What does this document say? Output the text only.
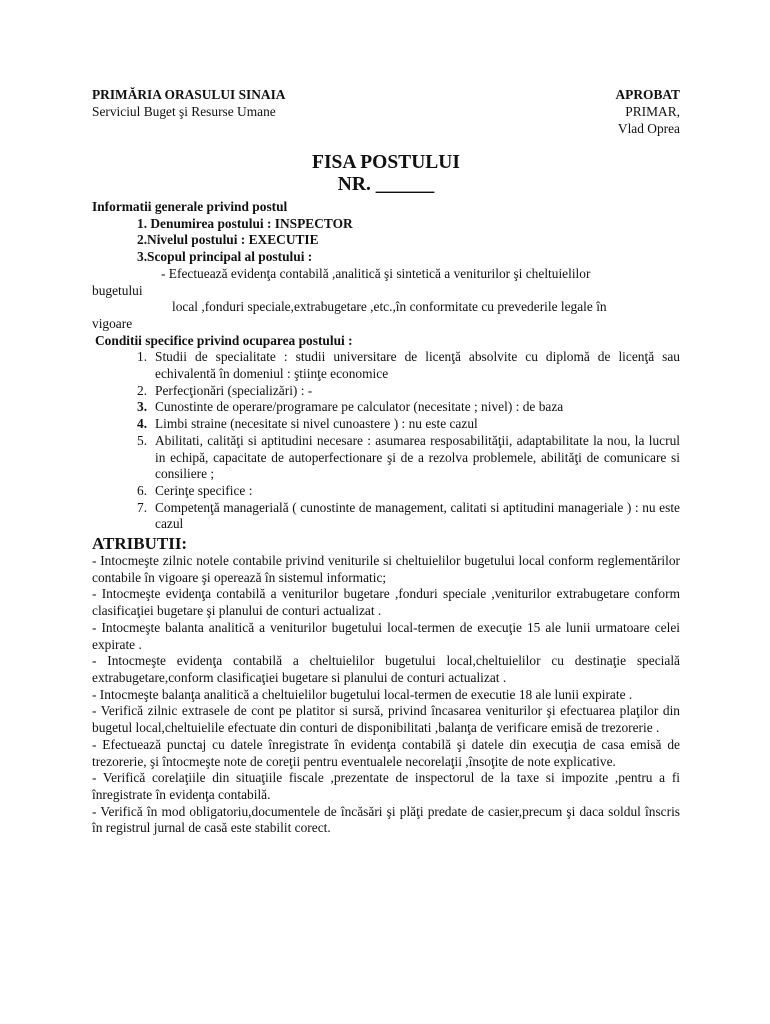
PRIMĂRIA ORASULUI SINAIA
Serviciul Buget şi Resurse Umane
APROBAT
PRIMAR,
Vlad Oprea
FISA POSTULUI
NR. ______
Informatii generale privind postul
1. Denumirea postului : INSPECTOR
2.Nivelul postului : EXECUTIE
3.Scopul principal al postului :
- Efectuează evidenţa contabilă ,analitică şi sintetică a veniturilor şi cheltuielilor
bugetului
local ,fonduri speciale,extrabugetare ,etc.,în conformitate cu prevederile legale în
vigoare
Conditii specifice privind ocuparea postului :
1. Studii de specialitate : studii universitare de licenţă absolvite cu diplomă de licenţă sau echivalentă în domeniul : ştiinţe economice
2. Perfecţionări (specializări) : -
3. Cunostinte de operare/programare pe calculator (necesitate ; nivel) : de baza
4. Limbi straine (necesitate si nivel cunoastere ) : nu este cazul
5. Abilitati, calităţi si aptitudini necesare : asumarea resposabilităţii, adaptabilitate la nou, la lucrul in echipă, capacitate de autoperfectionare şi de a rezolva problemele, abilităţi de comunicare si consiliere ;
6. Cerinţe specifice :
7. Competenţă managerială ( cunostinte de management, calitati si aptitudini manageriale ) : nu este cazul
ATRIBUTII:

- Intocmeşte zilnic notele contabile privind veniturile si cheltuielilor bugetului local conform reglementărilor contabile în vigoare şi operează în sistemul informatic;

- Intocmeşte evidenţa contabilă a veniturilor bugetare ,fonduri speciale ,veniturilor extrabugetare conform clasificaţiei bugetare şi planului de conturi actualizat .

- Intocmeşte balanta analitică a veniturilor bugetului local-termen de execuţie 15 ale lunii urmatoare celei expirate .

- Intocmeşte evidenţa contabilă a cheltuielilor bugetului local,cheltuielilor cu destinaţie specială extrabugetare,conform clasificaţiei bugetare si planului de conturi actualizat .

- Intocmeşte balanţa analitică a cheltuielilor bugetului local-termen de executie 18 ale lunii expirate .

- Verifică zilnic extrasele de cont pe platitor si sursă, privind încasarea veniturilor şi efectuarea plaţilor din bugetul local,cheltuielile efectuate din conturi de disponibilitati ,balanţa de verificare emisă de trezorerie .

- Efectuează punctaj cu datele înregistrate în evidenţa contabilă şi datele din execuţia de casa emisă de trezorerie, şi întocmeşte note de coreţii pentru eventualele necorelaţii ,însoţite de note explicative.

- Verifică corelaţiile din situaţiile fiscale ,prezentate de inspectorul de la taxe si impozite ,pentru a fi înregistrate în evidenţa contabilă.

- Verifică în mod obligatoriu,documentele de încăsări şi plăţi predate de casier,precum şi daca soldul înscris în registrul jurnal de casă este stabilit corect.
